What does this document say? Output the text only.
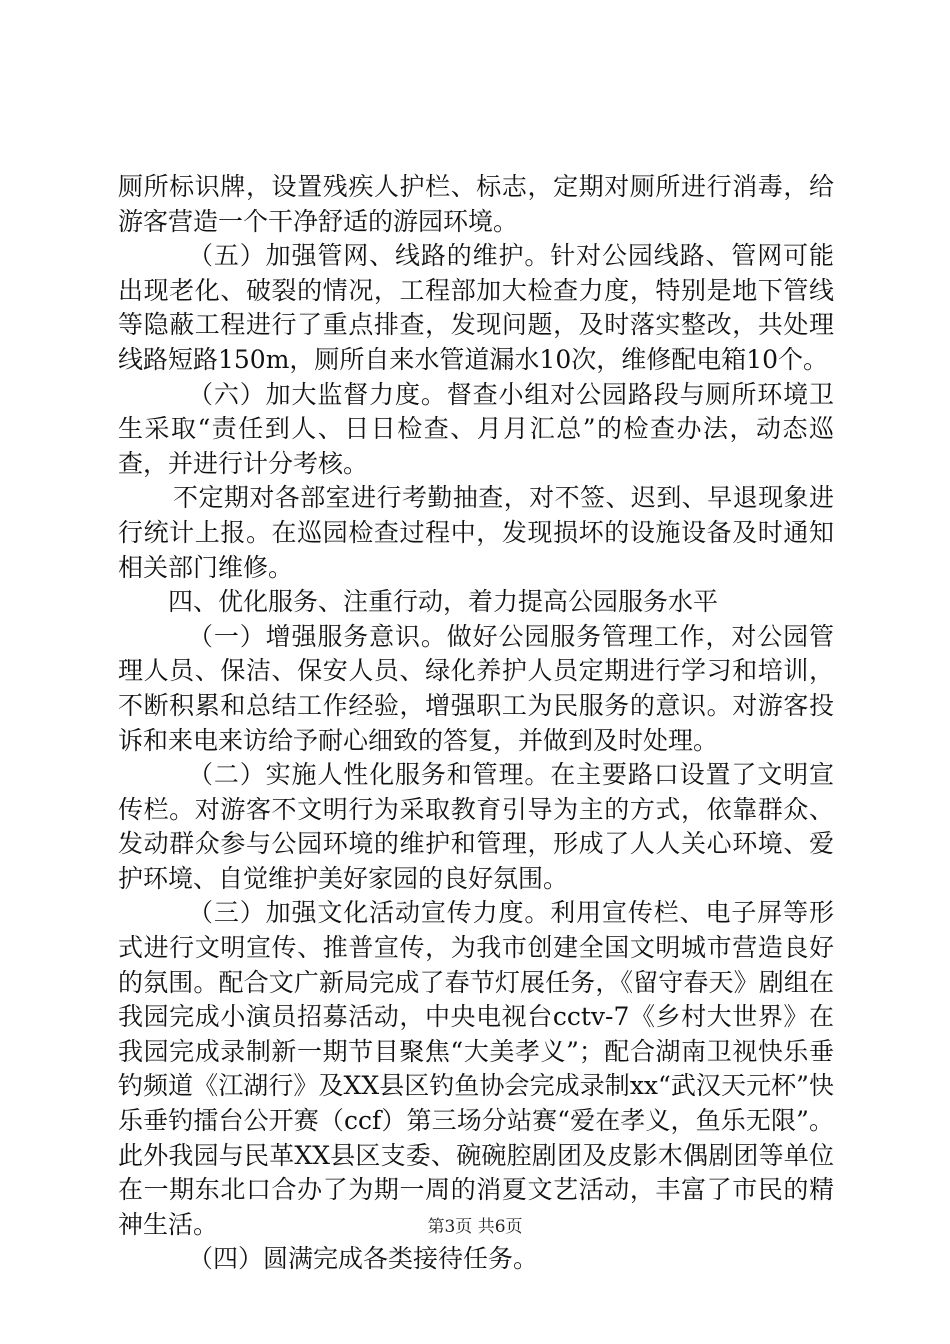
厕所标识牌，设置残疾人护栏、标志，定期对厕所进行消毒，给游客营造一个干净舒适的游园环境。

（五）加强管网、线路的维护。针对公园线路、管网可能出现老化、破裂的情况，工程部加大检查力度，特别是地下管线等隐蔽工程进行了重点排查，发现问题，及时落实整改，共处理线路短路150m，厕所自来水管道漏水10次，维修配电箱10个。

（六）加大监督力度。督查小组对公园路段与厕所环境卫生采取“责任到人、日日检查、月月汇总”的检查办法，动态巡查，并进行计分考核。

不定期对各部室进行考勤抽查，对不签、迟到、早退现象进行统计上报。在巡园检查过程中，发现损坏的设施设备及时通知相关部门维修。

四、优化服务、注重行动，着力提高公园服务水平

（一）增强服务意识。做好公园服务管理工作，对公园管理人员、保洁、保安人员、绿化养护人员定期进行学习和培训，不断积累和总结工作经验，增强职工为民服务的意识。对游客投诉和来电来访给予耐心细致的答复，并做到及时处理。

（二）实施人性化服务和管理。在主要路口设置了文明宣传栏。对游客不文明行为采取教育引导为主的方式，依靠群众、发动群众参与公园环境的维护和管理，形成了人人关心环境、爱护环境、自觉维护美好家园的良好氛围。

（三）加强文化活动宣传力度。利用宣传栏、电子屏等形式进行文明宣传、推普宣传，为我市创建全国文明城市营造良好的氛围。配合文广新局完成了春节灯展任务，《留守春天》剧组在我园完成小演员招募活动，中央电视台cctv-7《乡村大世界》在我园完成录制新一期节目聚焦“大美孝义”；配合湖南卫视快乐垂钓频道《江湖行》及XX县区钓鱼协会完成录制xx“武汉天元杯”快乐垂钓擂台公开赛（ccf）第三场分站赛“爱在孝义，鱼乐无限”。此外我园与民革XX县区支委、碗碗腔剧团及皮影木偶剧团等单位在一期东北口合办了为期一周的消夏文艺活动，丰富了市民的精神生活。

（四）圆满完成各类接待任务。

第3页 共6页
